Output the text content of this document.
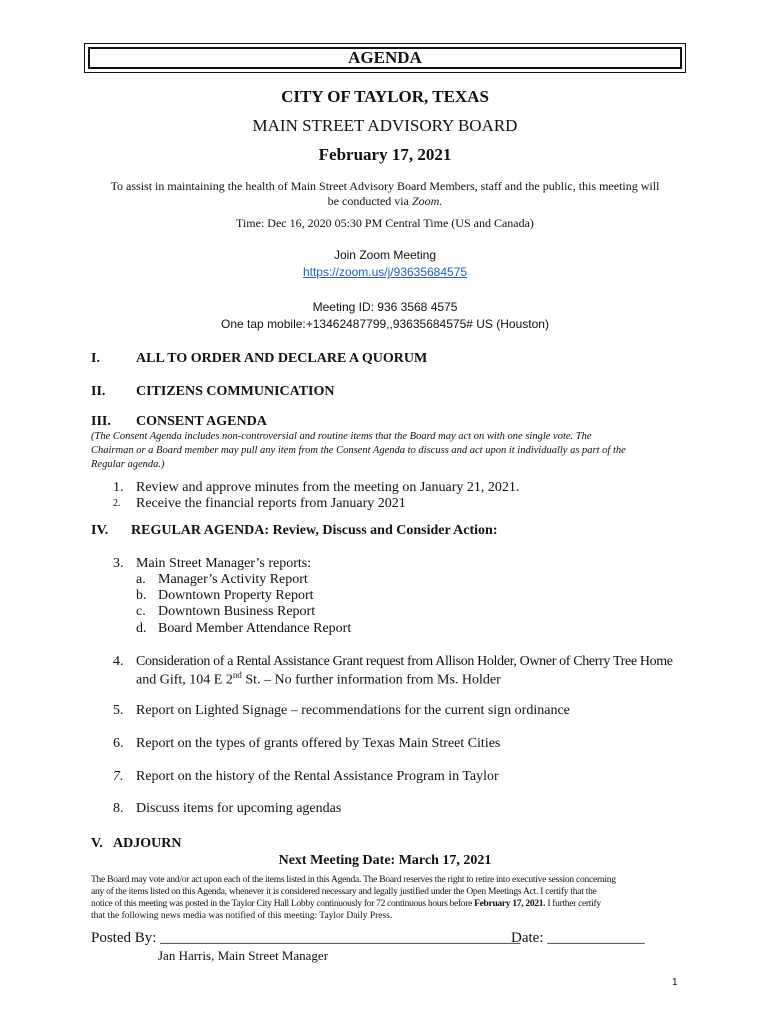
AGENDA
CITY OF TAYLOR, TEXAS
MAIN STREET ADVISORY BOARD
February 17, 2021
To assist in maintaining the health of Main Street Advisory Board Members, staff and the public, this meeting will
be conducted via Zoom.
Time: Dec 16, 2020 05:30 PM Central Time (US and Canada)
Join Zoom Meeting
https://zoom.us/j/93635684575
Meeting ID: 936 3568 4575
One tap mobile:+13462487799,,93635684575# US (Houston)
I.	ALL TO ORDER AND DECLARE A QUORUM
II. CITIZENS COMMUNICATION
III. CONSENT AGENDA
(The Consent Agenda includes non-controversial and routine items that the Board may act on with one single vote. The
Chairman or a Board member may pull any item from the Consent Agenda to discuss and act upon it individually as part of the
Regular agenda.)
1. Review and approve minutes from the meeting on January 21, 2021.
2. Receive the financial reports from January 2021
IV. REGULAR AGENDA: Review, Discuss and Consider Action:
3. Main Street Manager’s reports:
a. Manager’s Activity Report
b. Downtown Property Report
c. Downtown Business Report
d. Board Member Attendance Report
4. Consideration of a Rental Assistance Grant request from Allison Holder, Owner of Cherry Tree Home
and Gift, 104 E 2nd St. – No further information from Ms. Holder
5. Report on Lighted Signage – recommendations for the current sign ordinance
6. Report on the types of grants offered by Texas Main Street Cities
7. Report on the history of the Rental Assistance Program in Taylor
8. Discuss items for upcoming agendas
V. ADJOURN
Next Meeting Date: March 17, 2021
The Board may vote and/or act upon each of the items listed in this Agenda. The Board reserves the right to retire into executive session concerning
any of the items listed on this Agenda, whenever it is considered necessary and legally justified under the Open Meetings Act. I certify that the
notice of this meeting was posted in the Taylor City Hall Lobby continuously for 72 continuous hours before February 17, 2021. I further certify
that the following news media was notified of this meeting: Taylor Daily Press.
Posted By: ________________________________________________
Date: _____________
Jan Harris, Main Street Manager
1
